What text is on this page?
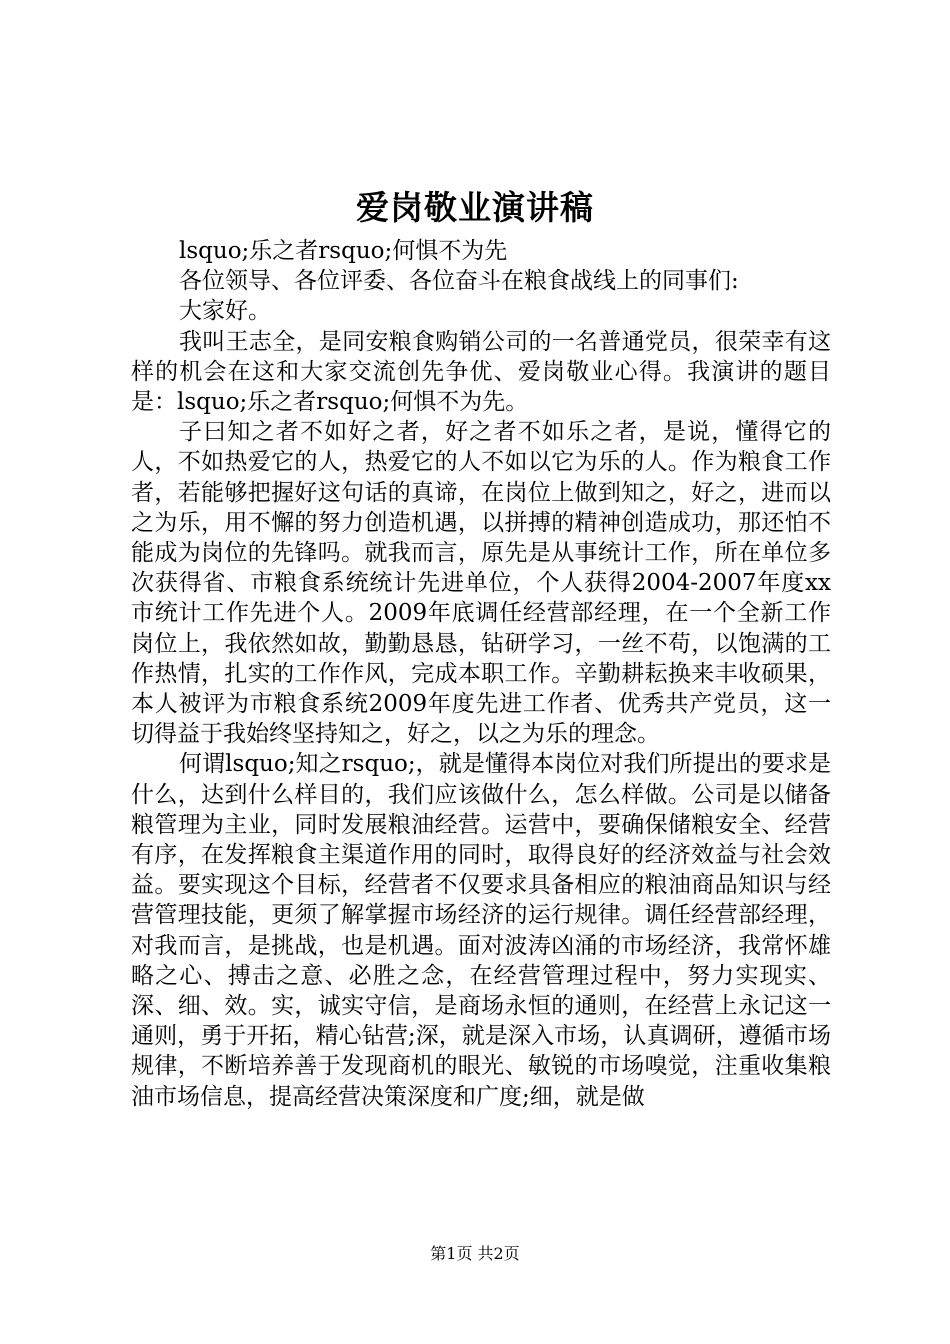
爱岗敬业演讲稿

lsquo;乐之者rsquo;何惧不为先

各位领导、各位评委、各位奋斗在粮食战线上的同事们:

大家好。

我叫王志全，是同安粮食购销公司的一名普通党员，很荣幸有这样的机会在这和大家交流创先争优、爱岗敬业心得。我演讲的题目是：lsquo;乐之者rsquo;何惧不为先。

子曰知之者不如好之者，好之者不如乐之者，是说，懂得它的人，不如热爱它的人，热爱它的人不如以它为乐的人。作为粮食工作者，若能够把握好这句话的真谛，在岗位上做到知之，好之，进而以之为乐，用不懈的努力创造机遇，以拼搏的精神创造成功，那还怕不能成为岗位的先锋吗。就我而言，原先是从事统计工作，所在单位多次获得省、市粮食系统统计先进单位，个人获得2004-2007年度xx市统计工作先进个人。2009年底调任经营部经理，在一个全新工作岗位上，我依然如故，勤勤恳恳，钻研学习，一丝不苟，以饱满的工作热情，扎实的工作作风，完成本职工作。辛勤耕耘换来丰收硕果，本人被评为市粮食系统2009年度先进工作者、优秀共产党员，这一切得益于我始终坚持知之，好之，以之为乐的理念。

何谓lsquo;知之rsquo;，就是懂得本岗位对我们所提出的要求是什么，达到什么样目的，我们应该做什么，怎么样做。公司是以储备粮管理为主业，同时发展粮油经营。运营中，要确保储粮安全、经营有序，在发挥粮食主渠道作用的同时，取得良好的经济效益与社会效益。要实现这个目标，经营者不仅要求具备相应的粮油商品知识与经营管理技能，更须了解掌握市场经济的运行规律。调任经营部经理，对我而言，是挑战，也是机遇。面对波涛凶涌的市场经济，我常怀雄略之心、搏击之意、必胜之念，在经营管理过程中，努力实现实、深、细、效。实，诚实守信，是商场永恒的通则，在经营上永记这一通则，勇于开拓，精心钻营;深，就是深入市场，认真调研，遵循市场规律，不断培养善于发现商机的眼光、敏锐的市场嗅觉，注重收集粮油市场信息，提高经营决策深度和广度;细，就是做

第1页 共2页
